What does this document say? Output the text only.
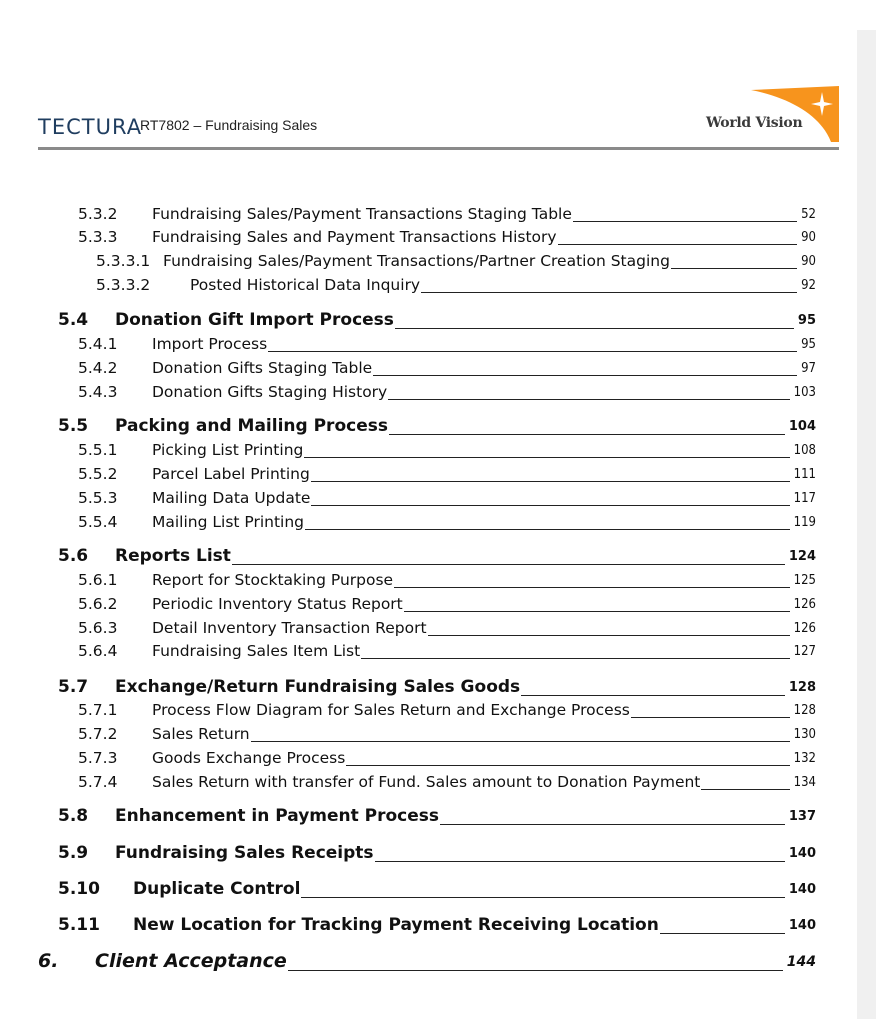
TECTURA
RT7802 – Fundraising Sales	World Vision
5.3.2 Fundraising Sales/Payment Transactions Staging Table	52
5.3.3 Fundraising Sales and Payment Transactions History	90
5.3.3.1 Fundraising Sales/Payment Transactions/Partner Creation Staging	90
5.3.3.2	Posted Historical Data Inquiry	92
5.4 Donation Gift Import Process	95
5.4.1 Import Process	95
5.4.2 Donation Gifts Staging Table	97
5.4.3 Donation Gifts Staging History	103
5.5 Packing and Mailing Process	104
5.5.1 Picking List Printing	108
5.5.2 Parcel Label Printing	111
5.5.3 Mailing Data Update	117
5.5.4 Mailing List Printing	119
5.6 Reports List	124
5.6.1 Report for Stocktaking Purpose	125
5.6.2 Periodic Inventory Status Report	126
5.6.3 Detail Inventory Transaction Report	126
5.6.4 Fundraising Sales Item List	127
5.7 Exchange/Return Fundraising Sales Goods	128
5.7.1 Process Flow Diagram for Sales Return and Exchange Process	128
5.7.2 Sales Return	130
5.7.3 Goods Exchange Process	132
5.7.4 Sales Return with transfer of Fund. Sales amount to Donation Payment	134
5.8 Enhancement in Payment Process	137
5.9 Fundraising Sales Receipts	140
5.10 Duplicate Control	140
5.11 New Location for Tracking Payment Receiving Location	140
6. Client Acceptance	144
